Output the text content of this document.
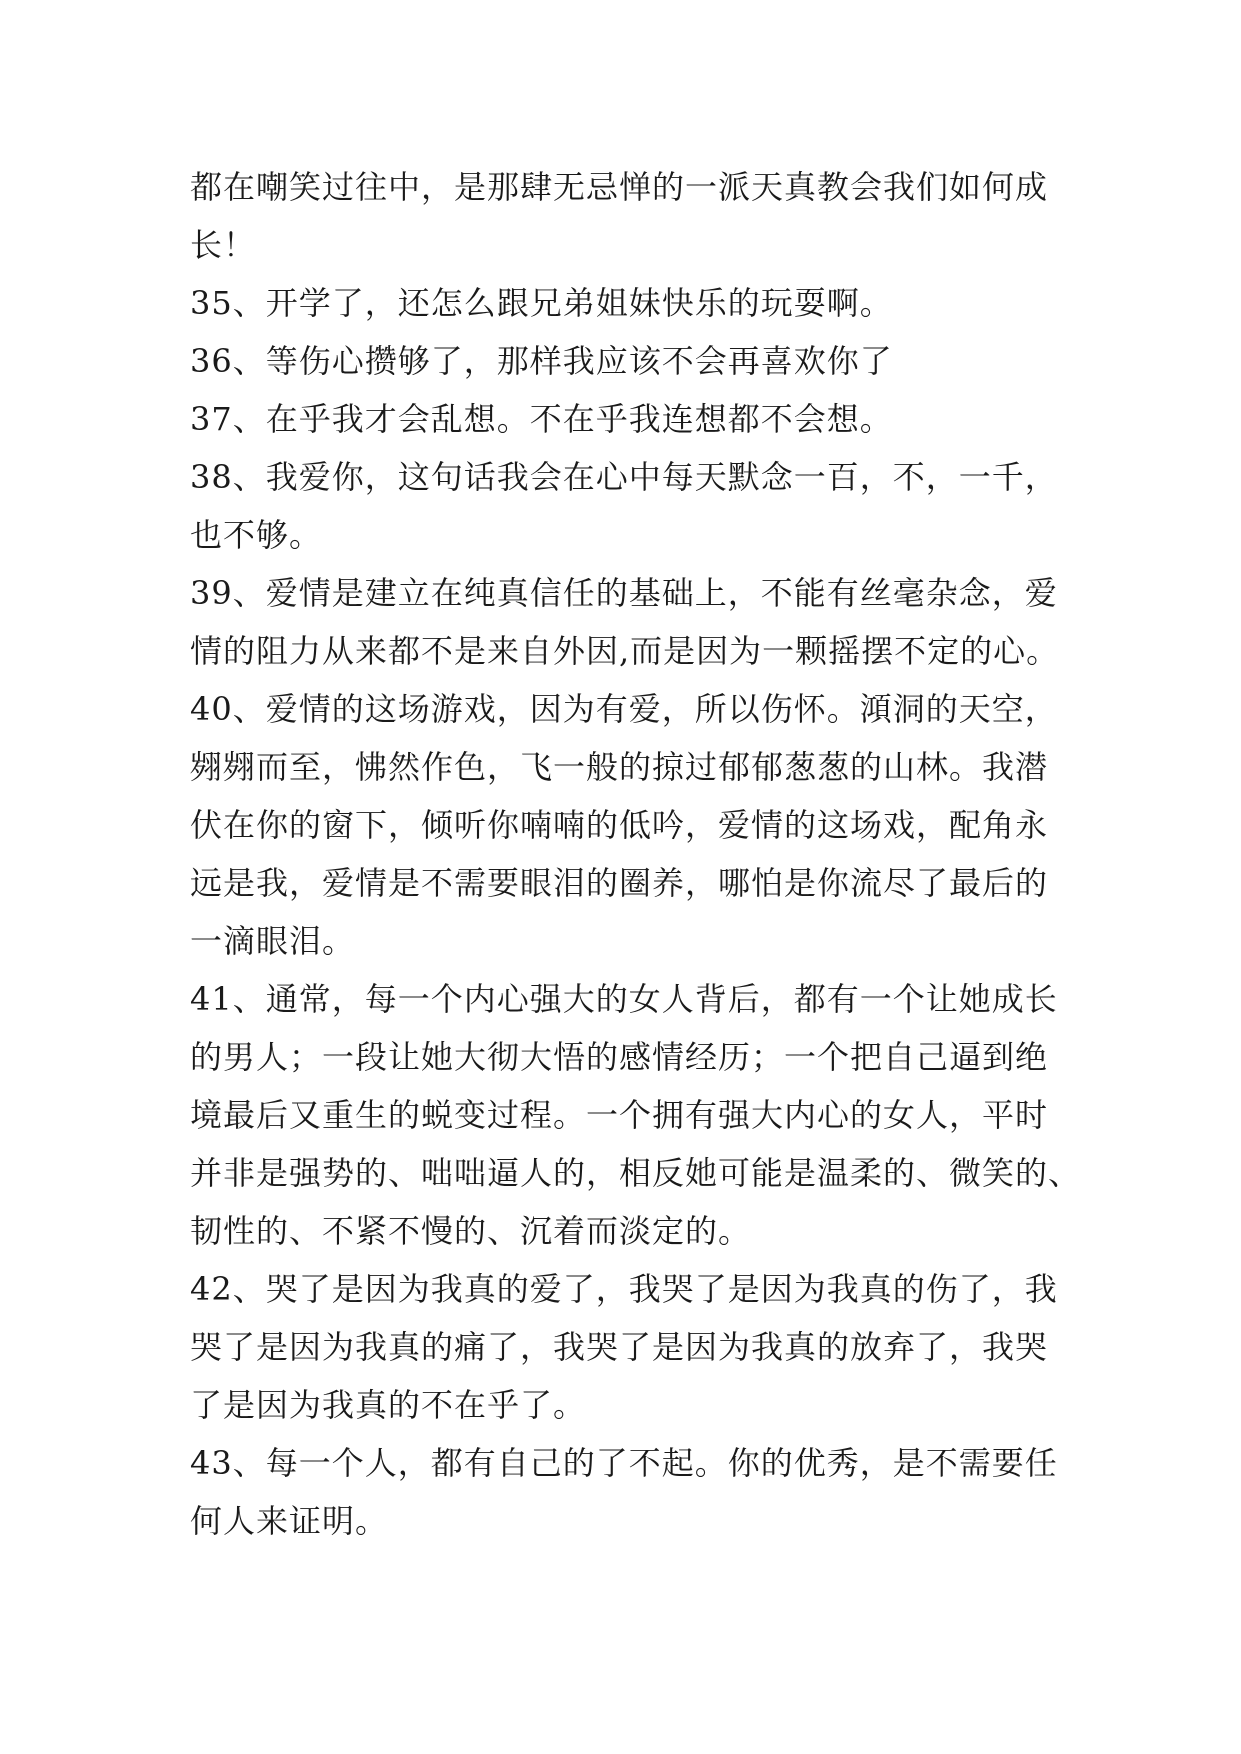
都在嘲笑过往中，是那肆无忌惮的一派天真教会我们如何成
长！
35、开学了，还怎么跟兄弟姐妹快乐的玩耍啊。
36、等伤心攒够了，那样我应该不会再喜欢你了
37、在乎我才会乱想。不在乎我连想都不会想。
38、我爱你，这句话我会在心中每天默念一百，不，一千，
也不够。
39、爱情是建立在纯真信任的基础上，不能有丝毫杂念，爱
情的阻力从来都不是来自外因,而是因为一颗摇摆不定的心。
40、爱情的这场游戏，因为有爱，所以伤怀。澒洞的天空，
翙翙而至，怫然作色，飞一般的掠过郁郁葱葱的山林。我潜
伏在你的窗下，倾听你喃喃的低吟，爱情的这场戏，配角永
远是我，爱情是不需要眼泪的圈养，哪怕是你流尽了最后的
一滴眼泪。
41、通常，每一个内心强大的女人背后，都有一个让她成长
的男人；一段让她大彻大悟的感情经历；一个把自己逼到绝
境最后又重生的蜕变过程。一个拥有强大内心的女人，平时
并非是强势的、咄咄逼人的，相反她可能是温柔的、微笑的、
韧性的、不紧不慢的、沉着而淡定的。
42、哭了是因为我真的爱了，我哭了是因为我真的伤了，我
哭了是因为我真的痛了，我哭了是因为我真的放弃了，我哭
了是因为我真的不在乎了。
43、每一个人，都有自己的了不起。你的优秀，是不需要任
何人来证明。
